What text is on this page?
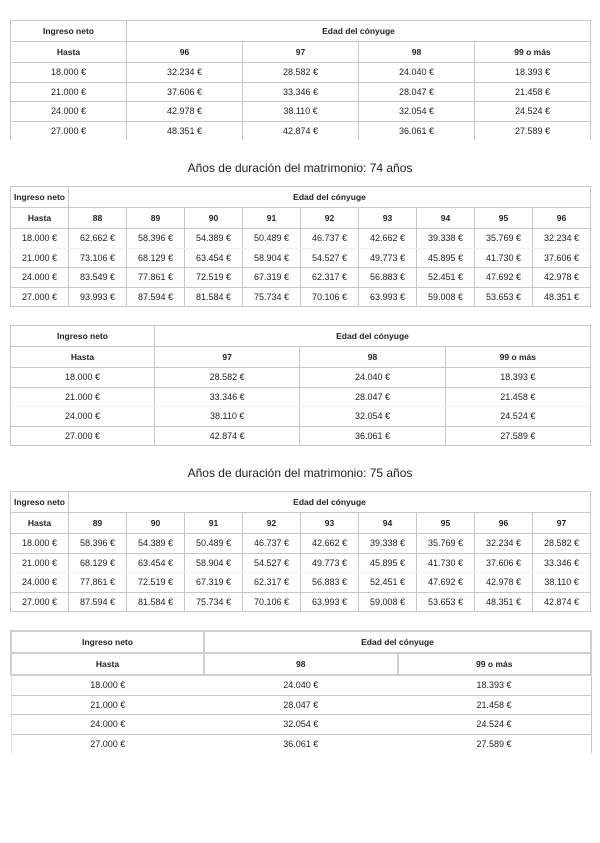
Ingreso neto	Edad del cónyuge			
Hasta	96	97	98	99 o más
18.000 €	32.234 €	28.582 €	24.040 €	18.393 €
21.000 €	37.606 €	33.346 €	28.047 €	21.458 €
24.000 €	42.978 €	38.110 €	32.054 €	24.524 €
27.000 €	48.351 €	42.874 €	36.061 €	27.589 €
Años de duración del matrimonio: 74 años
Ingreso neto	Edad del cónyuge								
Hasta	88	89	90	91	92	93	94	95	96
18.000 €	62.662 €	58.396 €	54.389 €	50.489 €	46.737 €	42.662 €	39.338 €	35.769 €	32.234 €
21.000 €	73.106 €	68.129 €	63.454 €	58.904 €	54.527 €	49.773 €	45.895 €	41.730 €	37.606 €
24.000 €	83.549 €	77.861 €	72.519 €	67.319 €	62.317 €	56.883 €	52.451 €	47.692 €	42.978 €
27.000 €	93.993 €	87.594 €	81.584 €	75.734 €	70.106 €	63.993 €	59.008 €	53.653 €	48.351 €
Ingreso neto	Edad del cónyuge		
Hasta	97	98	99 o más
18.000 €	28.582 €	24.040 €	18.393 €
21.000 €	33.346 €	28.047 €	21.458 €
24.000 €	38.110 €	32.054 €	24.524 €
27.000 €	42.874 €	36.061 €	27.589 €
Años de duración del matrimonio: 75 años
Ingreso neto	Edad del cónyuge								
Hasta	89	90	91	92	93	94	95	96	97
18.000 €	58.396 €	54.389 €	50.489 €	46.737 €	42.662 €	39.338 €	35.769 €	32.234 €	28.582 €
21.000 €	68.129 €	63.454 €	58.904 €	54.527 €	49.773 €	45.895 €	41.730 €	37.606 €	33.346 €
24.000 €	77.861 €	72.519 €	67.319 €	62.317 €	56.883 €	52.451 €	47.692 €	42.978 €	38.110 €
27.000 €	87.594 €	81.584 €	75.734 €	70.106 €	63.993 €	59.008 €	53.653 €	48.351 €	42.874 €
Ingreso neto	Edad del cónyuge	
Hasta	98	99 o más
18.000 €	24.040 €	18.393 €
21.000 €	28.047 €	21.458 €
24.000 €	32.054 €	24.524 €
27.000 €	36.061 €	27.589 €
